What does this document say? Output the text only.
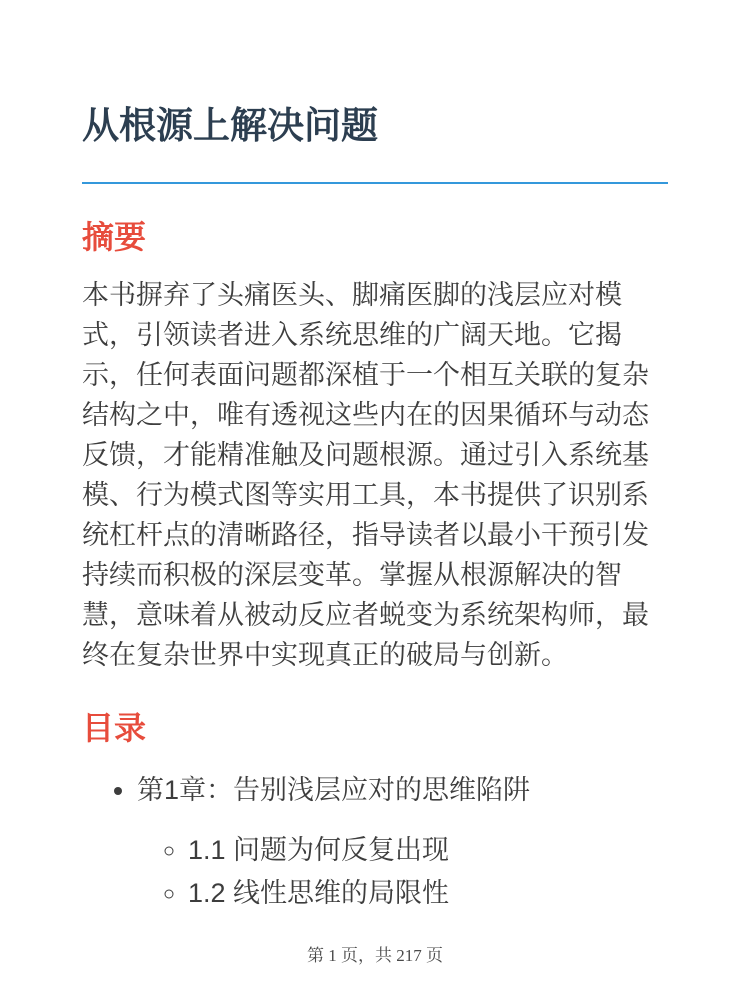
从根源上解决问题
摘要

本书摒弃了头痛医头、脚痛医脚的浅层应对模式，引领读者进入系统思维的广阔天地。它揭示，任何表面问题都深植于一个相互关联的复杂结构之中，唯有透视这些内在的因果循环与动态反馈，才能精准触及问题根源。通过引入系统基模、行为模式图等实用工具，本书提供了识别系统杠杆点的清晰路径，指导读者以最小干预引发持续而积极的深层变革。掌握从根源解决的智慧，意味着从被动反应者蜕变为系统架构师，最终在复杂世界中实现真正的破局与创新。

目录
• 第1章：告别浅层应对的思维陷阱
◦ 1.1 问题为何反复出现
◦ 1.2 线性思维的局限性
第 1 页，共 217 页
